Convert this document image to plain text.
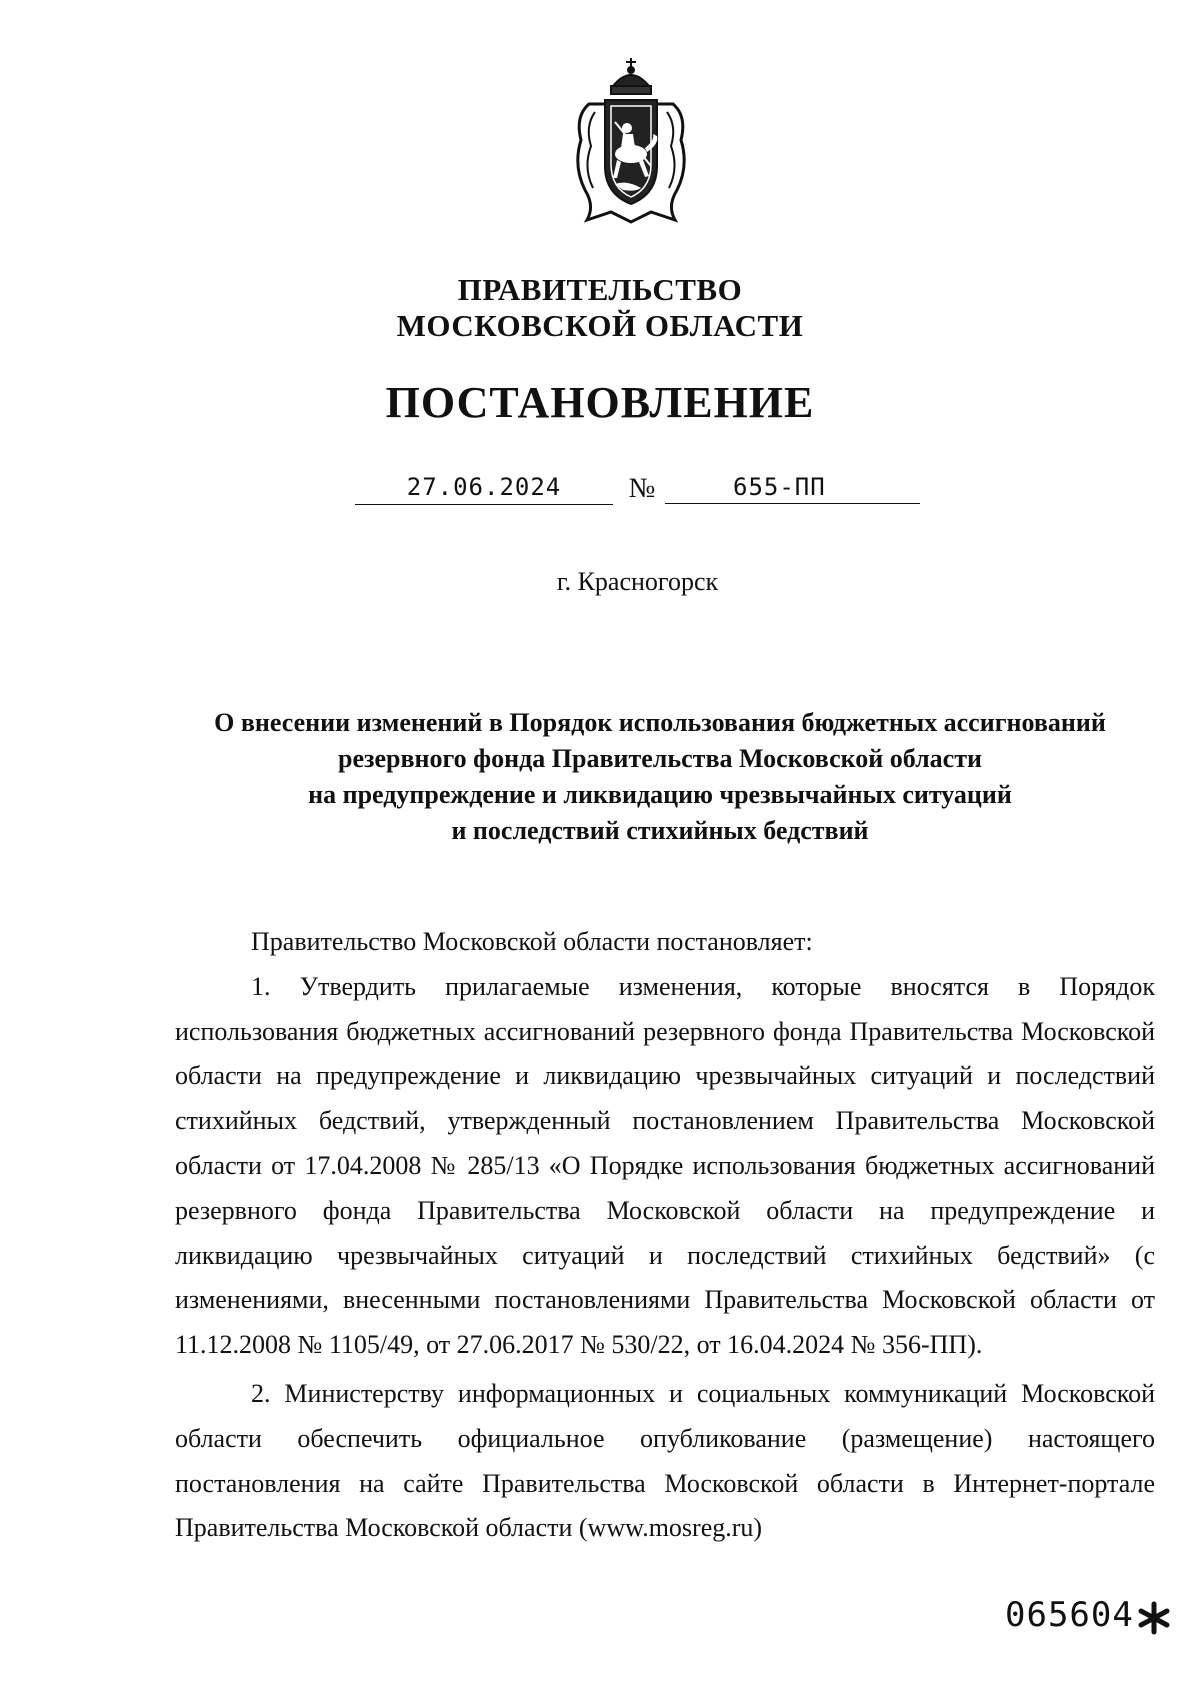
ПРАВИТЕЛЬСТВО
МОСКОВСКОЙ ОБЛАСТИ
ПОСТАНОВЛЕНИЕ
27.06.2024	№	655-ПП
г. Красногорск
О внесении изменений в Порядок использования бюджетных ассигнований
резервного фонда Правительства Московской области
на предупреждение и ликвидацию чрезвычайных ситуаций
и последствий стихийных бедствий

Правительство Московской области постановляет:

1. Утвердить прилагаемые изменения, которые вносятся в Порядок использования бюджетных ассигнований резервного фонда Правительства Московской области на предупреждение и ликвидацию чрезвычайных ситуаций и последствий стихийных бедствий, утвержденный постановлением Правительства Московской области от 17.04.2008 № 285/13 «О Порядке использования бюджетных ассигнований резервного фонда Правительства Московской области на предупреждение и ликвидацию чрезвычайных ситуаций и последствий стихийных бедствий» (с изменениями, внесенными постановлениями Правительства Московской области от 11.12.2008 № 1105/49, от 27.06.2017 № 530/22, от 16.04.2024 № 356-ПП).

2. Министерству информационных и социальных коммуникаций Московской области обеспечить официальное опубликование (размещение) настоящего постановления на сайте Правительства Московской области в Интернет-портале Правительства Московской области (www.mosreg.ru)

065604
